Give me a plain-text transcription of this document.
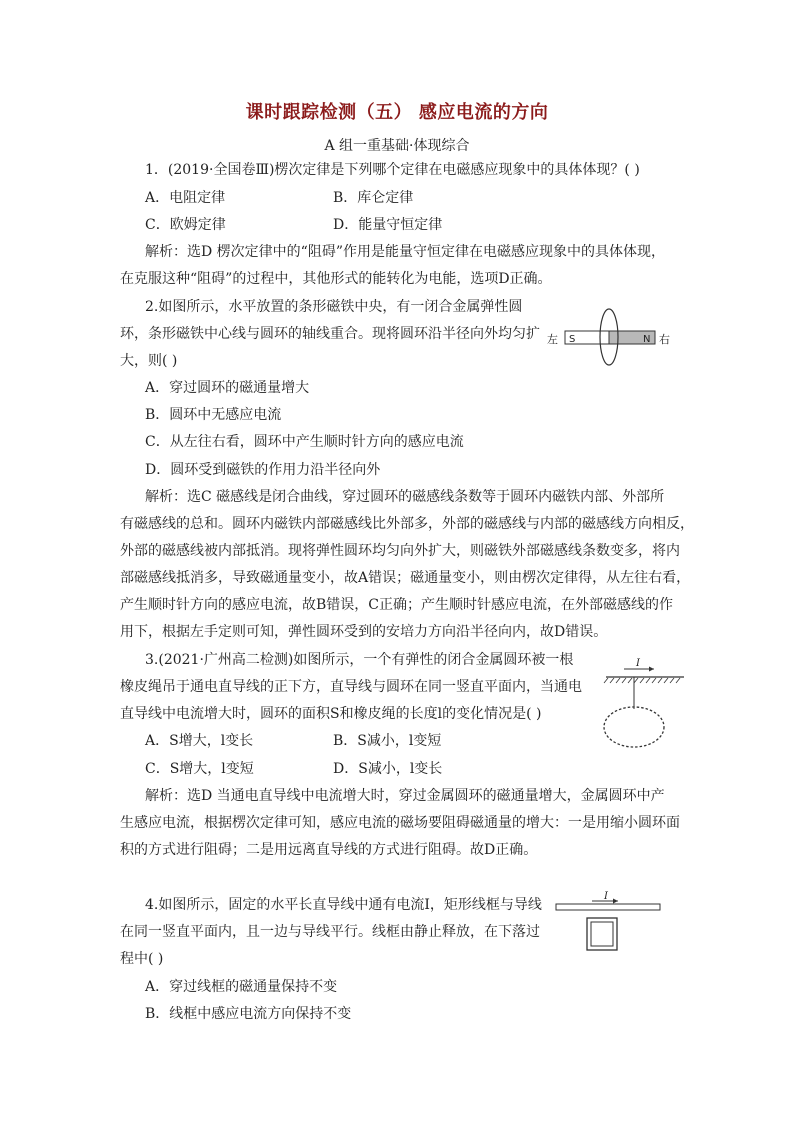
课时跟踪检测（五） 感应电流的方向
A 组一重基础·体现综合
1．(2019·全国卷Ⅲ)楞次定律是下列哪个定律在电磁感应现象中的具体体现？( )
A．电阻定律	B．库仑定律
C．欧姆定律	D．能量守恒定律
解析：选D 楞次定律中的“阻碍”作用是能量守恒定律在电磁感应现象中的具体体现，
在克服这种“阻碍”的过程中，其他形式的能转化为电能，选项D正确。
2.如图所示，水平放置的条形磁铁中央，有一闭合金属弹性圆
环，条形磁铁中心线与圆环的轴线重合。现将圆环沿半径向外均匀扩
大，则( )
左 S	N 右
A．穿过圆环的磁通量增大
B．圆环中无感应电流
C．从左往右看，圆环中产生顺时针方向的感应电流
D．圆环受到磁铁的作用力沿半径向外
解析：选C 磁感线是闭合曲线，穿过圆环的磁感线条数等于圆环内磁铁内部、外部所
有磁感线的总和。圆环内磁铁内部磁感线比外部多，外部的磁感线与内部的磁感线方向相反，
外部的磁感线被内部抵消。现将弹性圆环均匀向外扩大，则磁铁外部磁感线条数变多，将内
部磁感线抵消多，导致磁通量变小，故A错误；磁通量变小，则由楞次定律得，从左往右看，
产生顺时针方向的感应电流，故B错误，C正确；产生顺时针感应电流，在外部磁感线的作
用下，根据左手定则可知，弹性圆环受到的安培力方向沿半径向内，故D错误。
3.(2021·广州高二检测)如图所示，一个有弹性的闭合金属圆环被一根
橡皮绳吊于通电直导线的正下方，直导线与圆环在同一竖直平面内，当通电
直导线中电流增大时，圆环的面积S和橡皮绳的长度l的变化情况是( )
I
A．S增大，l变长	B．S减小，l变短
C．S增大，l变短	D．S减小，l变长
解析：选D 当通电直导线中电流增大时，穿过金属圆环的磁通量增大，金属圆环中产
生感应电流，根据楞次定律可知，感应电流的磁场要阻碍磁通量的增大：一是用缩小圆环面
积的方式进行阻碍；二是用远离直导线的方式进行阻碍。故D正确。
4.如图所示，固定的水平长直导线中通有电流I，矩形线框与导线
在同一竖直平面内，且一边与导线平行。线框由静止释放，在下落过
程中( )
I
A．穿过线框的磁通量保持不变
B．线框中感应电流方向保持不变
